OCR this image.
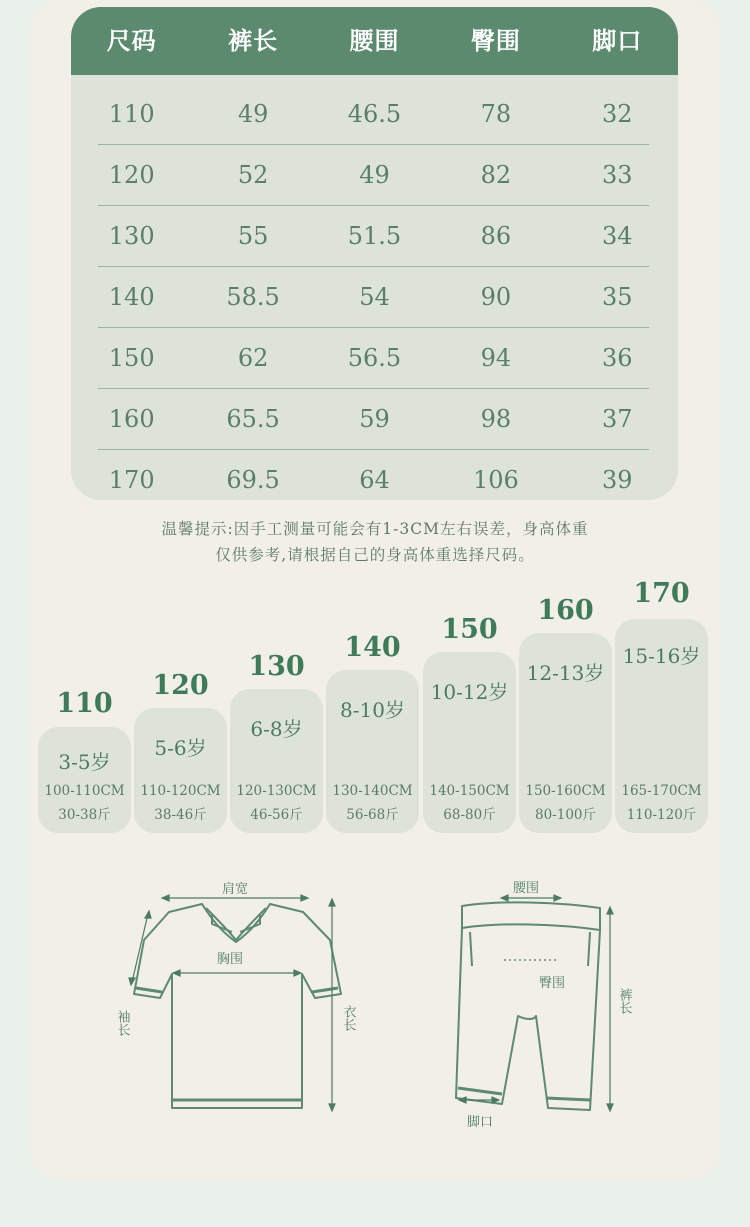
尺码	裤长	腰围	臀围	脚口
110	49	46.5	78	32
120	52	49	82	33
130	55	51.5	86	34
140	58.5	54	90	35
150	62	56.5	94	36
160	65.5	59	98	37
170	69.5	64	106	39
温馨提示:因手工测量可能会有1-3CM左右误差，身高体重
仅供参考,请根据自己的身高体重选择尺码。
110
3-5岁
100-110CM
30-38斤
120
5-6岁
110-120CM
38-46斤
130
6-8岁
120-130CM
46-56斤
140
8-10岁
130-140CM
56-68斤
150
10-12岁
140-150CM
68-80斤
160
12-13岁
150-160CM
80-100斤
170
15-16岁
165-170CM
110-120斤
肩宽
胸围
袖长	衣长
腰围
臀围
裤长
脚口
